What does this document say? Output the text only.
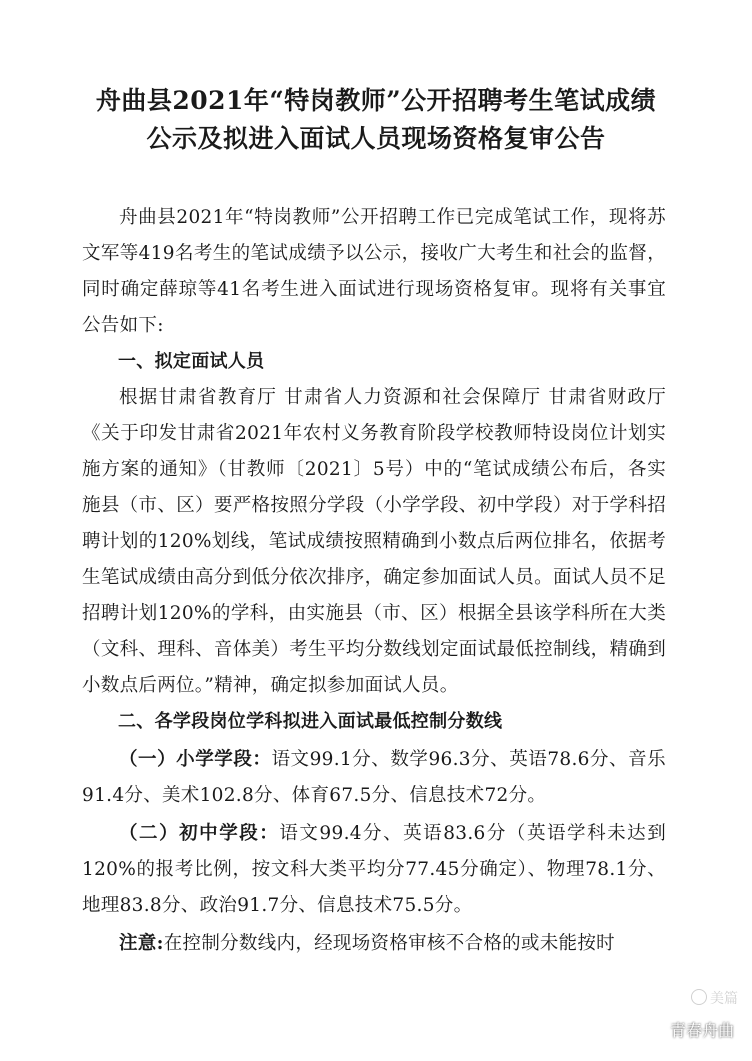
舟曲县2021年“特岗教师”公开招聘考生笔试成绩
公示及拟进入面试人员现场资格复审公告

舟曲县2021年“特岗教师”公开招聘工作已完成笔试工作，现将苏文军等419名考生的笔试成绩予以公示，接收广大考生和社会的监督，同时确定薛琼等41名考生进入面试进行现场资格复审。现将有关事宜公告如下:

一、拟定面试人员

根据甘肃省教育厅 甘肃省人力资源和社会保障厅 甘肃省财政厅《关于印发甘肃省2021年农村义务教育阶段学校教师特设岗位计划实施方案的通知》（甘教师〔2021〕5号）中的“笔试成绩公布后，各实施县（市、区）要严格按照分学段（小学学段、初中学段）对于学科招聘计划的120%划线，笔试成绩按照精确到小数点后两位排名，依据考生笔试成绩由高分到低分依次排序，确定参加面试人员。面试人员不足招聘计划120%的学科，由实施县（市、区）根据全县该学科所在大类（文科、理科、音体美）考生平均分数线划定面试最低控制线，精确到小数点后两位。”精神，确定拟参加面试人员。

二、各学段岗位学科拟进入面试最低控制分数线

（一）小学学段：语文99.1分、数学96.3分、英语78.6分、音乐91.4分、美术102.8分、体育67.5分、信息技术72分。

（二）初中学段：语文99.4分、英语83.6分（英语学科未达到120%的报考比例，按文科大类平均分77.45分确定）、物理78.1分、地理83.8分、政治91.7分、信息技术75.5分。

注意:在控制分数线内，经现场资格审核不合格的或未能按时

美篇
青春舟曲
